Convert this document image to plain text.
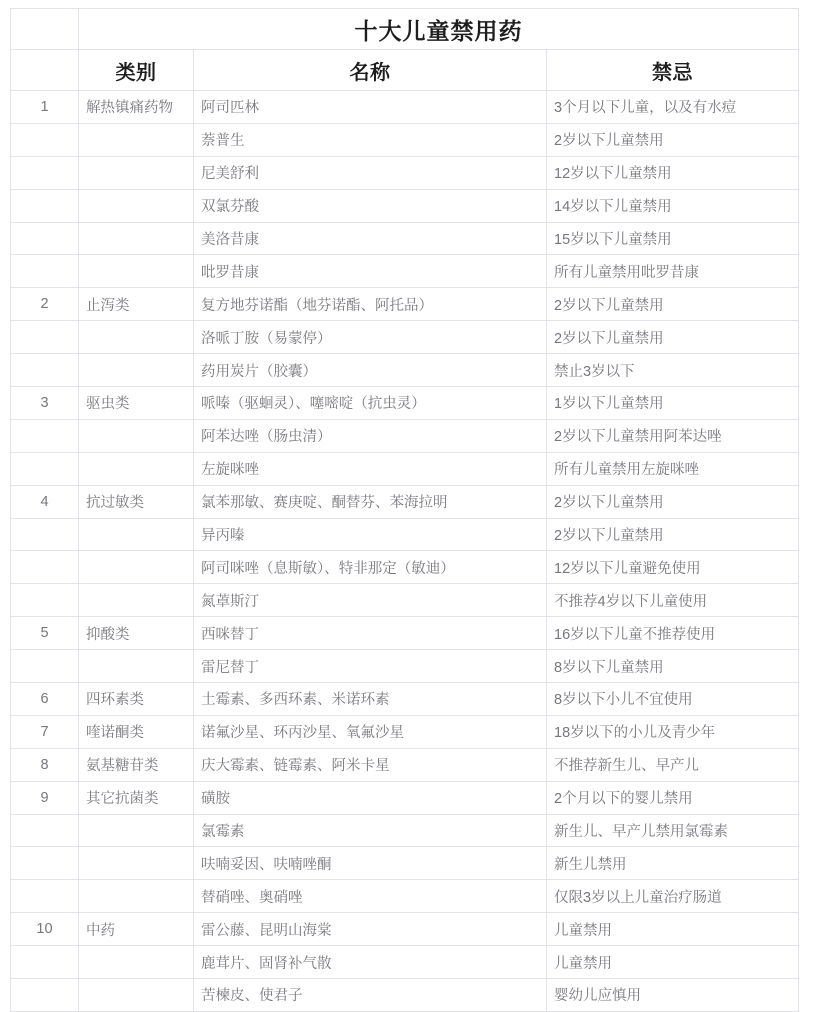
	十大儿童禁用药		
	类别	名称	禁忌
1	解热镇痛药物	阿司匹林	3个月以下儿童，以及有水痘
		萘普生	2岁以下儿童禁用
		尼美舒利	12岁以下儿童禁用
		双氯芬酸	14岁以下儿童禁用
		美洛昔康	15岁以下儿童禁用
		吡罗昔康	所有儿童禁用吡罗昔康
2	止泻类	复方地芬诺酯（地芬诺酯、阿托品）	2岁以下儿童禁用
		洛哌丁胺（易蒙停）	2岁以下儿童禁用
		药用炭片（胶囊）	禁止3岁以下
3	驱虫类	哌嗪（驱蛔灵）、噻嘧啶（抗虫灵）	1岁以下儿童禁用
		阿苯达唑（肠虫清）	2岁以下儿童禁用阿苯达唑
		左旋咪唑	所有儿童禁用左旋咪唑
4	抗过敏类	氯苯那敏、赛庚啶、酮替芬、苯海拉明	2岁以下儿童禁用
		异丙嗪	2岁以下儿童禁用
		阿司咪唑（息斯敏）、特非那定（敏迪）	12岁以下儿童避免使用
		氮䓬斯汀	不推荐4岁以下儿童使用
5	抑酸类	西咪替丁	16岁以下儿童不推荐使用
		雷尼替丁	8岁以下儿童禁用
6	四环素类	土霉素、多西环素、米诺环素	8岁以下小儿不宜使用
7	喹诺酮类	诺氟沙星、环丙沙星、氧氟沙星	18岁以下的小儿及青少年
8	氨基糖苷类	庆大霉素、链霉素、阿米卡星	不推荐新生儿、早产儿
9	其它抗菌类	磺胺	2个月以下的婴儿禁用
		氯霉素	新生儿、早产儿禁用氯霉素
		呋喃妥因、呋喃唑酮	新生儿禁用
		替硝唑、奥硝唑	仅限3岁以上儿童治疗肠道
10	中药	雷公藤、昆明山海棠	儿童禁用
		鹿茸片、固肾补气散	儿童禁用
		苦楝皮、使君子	婴幼儿应慎用
